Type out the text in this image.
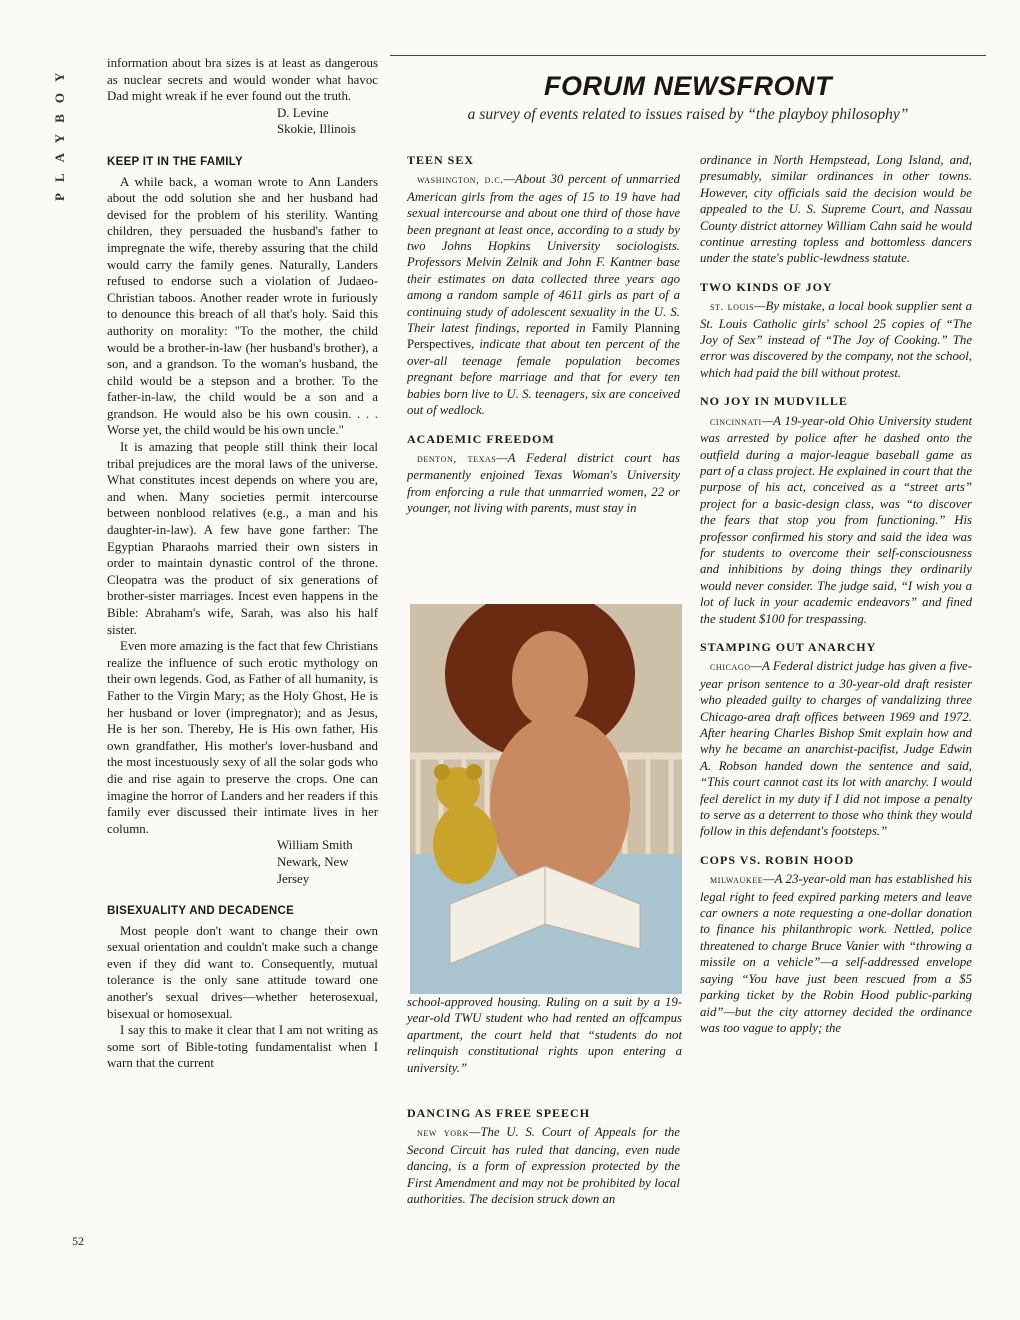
PLAYBOY
52

information about bra sizes is at least as dangerous as nuclear secrets and would wonder what havoc Dad might wreak if he ever found out the truth.

D. Levine
Skokie, Illinois
KEEP IT IN THE FAMILY

A while back, a woman wrote to Ann Landers about the odd solution she and her husband had devised for the problem of his sterility. Wanting children, they persuaded the husband's father to impregnate the wife, thereby assuring that the child would carry the family genes. Naturally, Landers refused to endorse such a violation of Judaeo-Christian taboos. Another reader wrote in furiously to denounce this breach of all that's holy. Said this authority on morality: "To the mother, the child would be a brother-in-law (her husband's brother), a son, and a grandson. To the woman's husband, the child would be a stepson and a brother. To the father-in-law, the child would be a son and a grandson. He would also be his own cousin. . . . Worse yet, the child would be his own uncle."

It is amazing that people still think their local tribal prejudices are the moral laws of the universe. What constitutes incest depends on where you are, and when. Many societies permit intercourse between nonblood relatives (e.g., a man and his daughter-in-law). A few have gone farther: The Egyptian Pharaohs married their own sisters in order to maintain dynastic control of the throne. Cleopatra was the product of six generations of brother-sister marriages. Incest even happens in the Bible: Abraham's wife, Sarah, was also his half sister.

Even more amazing is the fact that few Christians realize the influence of such erotic mythology on their own legends. God, as Father of all humanity, is Father to the Virgin Mary; as the Holy Ghost, He is her husband or lover (impregnator); and as Jesus, He is her son. Thereby, He is His own father, His own grandfather, His mother's lover-husband and the most incestuously sexy of all the solar gods who die and rise again to preserve the crops. One can imagine the horror of Landers and her readers if this family ever discussed their intimate lives in her column.

William Smith
Newark, New Jersey
BISEXUALITY AND DECADENCE

Most people don't want to change their own sexual orientation and couldn't make such a change even if they did want to. Consequently, mutual tolerance is the only sane attitude toward one another's sexual drives—whether heterosexual, bisexual or homosexual.

I say this to make it clear that I am not writing as some sort of Bible-toting fundamentalist when I warn that the current

FORUM NEWSFRONT
a survey of events related to issues raised by “the playboy philosophy”
TEEN SEX

washington, d.c.—About 30 percent of unmarried American girls from the ages of 15 to 19 have had sexual intercourse and about one third of those have been pregnant at least once, according to a study by two Johns Hopkins University sociologists. Professors Melvin Zelnik and John F. Kantner base their estimates on data collected three years ago among a random sample of 4611 girls as part of a continuing study of adolescent sexuality in the U. S. Their latest findings, reported in Family Planning Perspectives, indicate that about ten percent of the over-all teenage female population becomes pregnant before marriage and that for every ten babies born live to U. S. teenagers, six are conceived out of wedlock.

ACADEMIC FREEDOM

denton, texas—A Federal district court has permanently enjoined Texas Woman's University from enforcing a rule that unmarried women, 22 or younger, not living with parents, must stay in

school-approved housing. Ruling on a suit by a 19-year-old TWU student who had rented an offcampus apartment, the court held that “students do not relinquish constitutional rights upon entering a university.”

DANCING AS FREE SPEECH

new york—The U. S. Court of Appeals for the Second Circuit has ruled that dancing, even nude dancing, is a form of expression protected by the First Amendment and may not be prohibited by local authorities. The decision struck down an

ordinance in North Hempstead, Long Island, and, presumably, similar ordinances in other towns. However, city officials said the decision would be appealed to the U. S. Supreme Court, and Nassau County district attorney William Cahn said he would continue arresting topless and bottomless dancers under the state's public-lewdness statute.

TWO KINDS OF JOY

st. louis—By mistake, a local book supplier sent a St. Louis Catholic girls' school 25 copies of “The Joy of Sex” instead of “The Joy of Cooking.” The error was discovered by the company, not the school, which had paid the bill without protest.

NO JOY IN MUDVILLE

cincinnati—A 19-year-old Ohio University student was arrested by police after he dashed onto the outfield during a major-league baseball game as part of a class project. He explained in court that the purpose of his act, conceived as a “street arts” project for a basic-design class, was “to discover the fears that stop you from functioning.” His professor confirmed his story and said the idea was for students to overcome their self-consciousness and inhibitions by doing things they ordinarily would never consider. The judge said, “I wish you a lot of luck in your academic endeavors” and fined the student $100 for trespassing.

STAMPING OUT ANARCHY

chicago—A Federal district judge has given a five-year prison sentence to a 30-year-old draft resister who pleaded guilty to charges of vandalizing three Chicago-area draft offices between 1969 and 1972. After hearing Charles Bishop Smit explain how and why he became an anarchist-pacifist, Judge Edwin A. Robson handed down the sentence and said, “This court cannot cast its lot with anarchy. I would feel derelict in my duty if I did not impose a penalty to serve as a deterrent to those who think they would follow in this defendant's footsteps.”

COPS VS. ROBIN HOOD

milwaukee—A 23-year-old man has established his legal right to feed expired parking meters and leave car owners a note requesting a one-dollar donation to finance his philanthropic work. Nettled, police threatened to charge Bruce Vanier with “throwing a missile on a vehicle”—a self-addressed envelope saying “You have just been rescued from a $5 parking ticket by the Robin Hood public-parking aid”—but the city attorney decided the ordinance was too vague to apply; the
